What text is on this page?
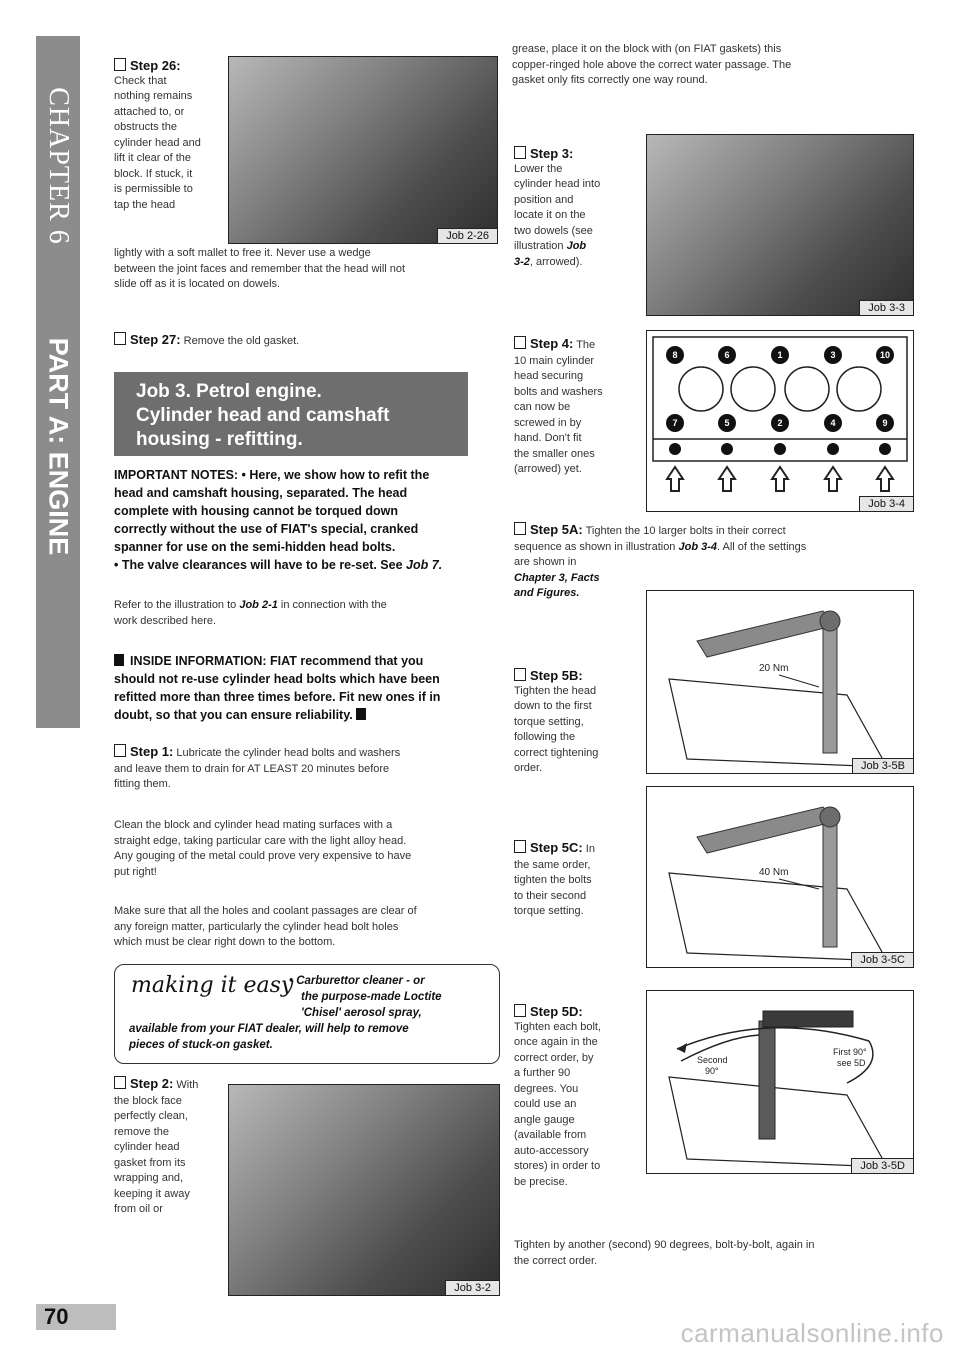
CHAPTER 6
PART A: ENGINE
70
Step 26:
Check that
nothing remains
attached to, or
obstructs the
cylinder head and
lift it clear of the
block. If stuck, it
is permissible to
tap the head
Job 2-26
lightly with a soft mallet to free it. Never use a wedge
between the joint faces and remember that the head will not
slide off as it is located on dowels.
Step 27: Remove the old gasket.
Job 3. Petrol engine.
Cylinder head and camshaft
housing - refitting.
IMPORTANT NOTES: • Here, we show how to refit the
head and camshaft housing, separated. The head
complete with housing cannot be torqued down
correctly without the use of FIAT's special, cranked
spanner for use on the semi-hidden head bolts.
• The valve clearances will have to be re-set. See Job 7.
Refer to the illustration to Job 2-1 in connection with the
work described here.
INSIDE INFORMATION: FIAT recommend that you
should not re-use cylinder head bolts which have been
refitted more than three times before. Fit new ones if in
doubt, so that you can ensure reliability.
Step 1: Lubricate the cylinder head bolts and washers
and leave them to drain for AT LEAST 20 minutes before
fitting them.
Clean the block and cylinder head mating surfaces with a
straight edge, taking particular care with the light alloy head.
Any gouging of the metal could prove very expensive to have
put right!
Make sure that all the holes and coolant passages are clear of
any foreign matter, particularly the cylinder head bolt holes
which must be clear right down to the bottom.
making it easy
• Carburettor cleaner - or
the purpose-made Loctite
'Chisel' aerosol spray,
available from your FIAT dealer, will help to remove
pieces of stuck-on gasket.
Step 2: With
the block face
perfectly clean,
remove the
cylinder head
gasket from its
wrapping and,
keeping it away
from oil or
Job 3-2
grease, place it on the block with (on FIAT gaskets) this
copper-ringed hole above the correct water passage. The
gasket only fits correctly one way round.
Step 3:
Lower the
cylinder head into
position and
locate it on the
two dowels (see
illustration Job
3-2, arrowed).
Job 3-3
Step 4: The
10 main cylinder
head securing
bolts and washers
can now be
screwed in by
hand. Don't fit
the smaller ones
(arrowed) yet.
8	6	1	3	10
7	5	2	4	9
Job 3-4
Step 5A: Tighten the 10 larger bolts in their correct
sequence as shown in illustration Job 3-4. All of the settings
are shown in
Chapter 3, Facts
and Figures.
Step 5B:
Tighten the head
down to the first
torque setting,
following the
correct tightening
order.
20 Nm
Job 3-5B
Step 5C: In
the same order,
tighten the bolts
to their second
torque setting.
40 Nm
Job 3-5C
Step 5D:
Tighten each bolt,
once again in the
correct order, by
a further 90
degrees. You
could use an
angle gauge
(available from
auto-accessory
stores) in order to
be precise.
Second
90°
First 90°
see 5D
Job 3-5D
Tighten by another (second) 90 degrees, bolt-by-bolt, again in
the correct order.
carmanualsonline.info
